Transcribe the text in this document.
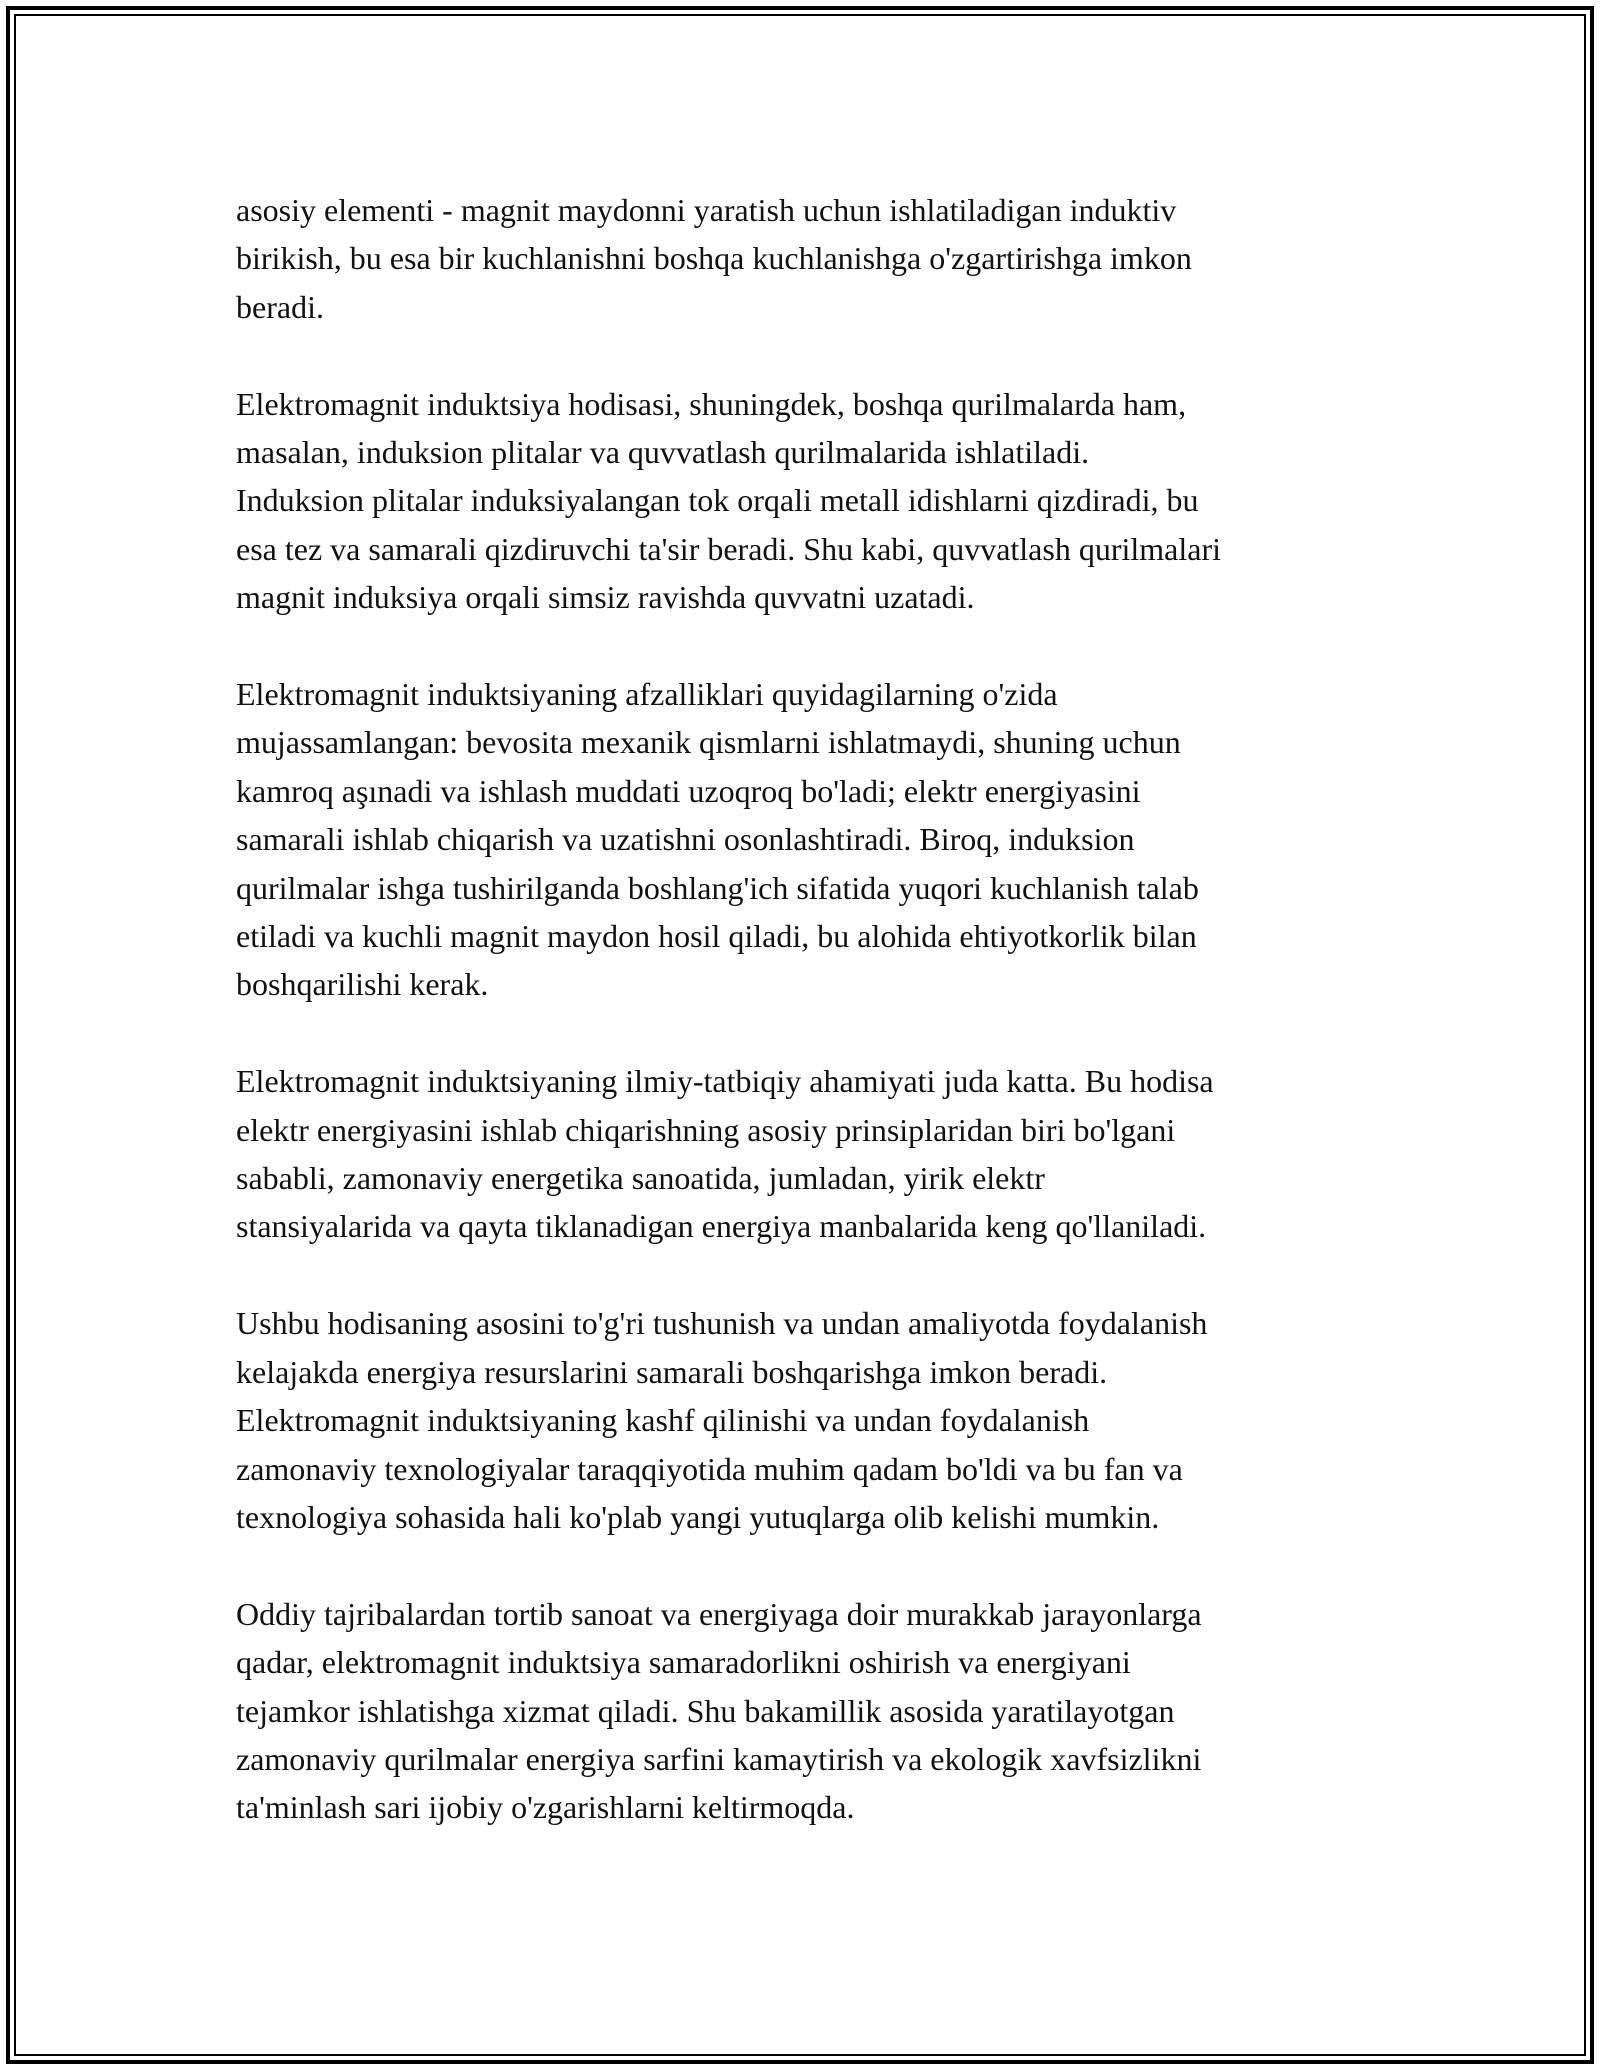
asosiy elementi - magnit maydonni yaratish uchun ishlatiladigan induktiv
birikish, bu esa bir kuchlanishni boshqa kuchlanishga o'zgartirishga imkon
beradi.

Elektromagnit induktsiya hodisasi, shuningdek, boshqa qurilmalarda ham,
masalan, induksion plitalar va quvvatlash qurilmalarida ishlatiladi.
Induksion plitalar induksiyalangan tok orqali metall idishlarni qizdiradi, bu
esa tez va samarali qizdiruvchi ta'sir beradi. Shu kabi, quvvatlash qurilmalari
magnit induksiya orqali simsiz ravishda quvvatni uzatadi.

Elektromagnit induktsiyaning afzalliklari quyidagilarning o'zida
mujassamlangan: bevosita mexanik qismlarni ishlatmaydi, shuning uchun
kamroq aşınadi va ishlash muddati uzoqroq bo'ladi; elektr energiyasini
samarali ishlab chiqarish va uzatishni osonlashtiradi. Biroq, induksion
qurilmalar ishga tushirilganda boshlang'ich sifatida yuqori kuchlanish talab
etiladi va kuchli magnit maydon hosil qiladi, bu alohida ehtiyotkorlik bilan
boshqarilishi kerak.

Elektromagnit induktsiyaning ilmiy-tatbiqiy ahamiyati juda katta. Bu hodisa
elektr energiyasini ishlab chiqarishning asosiy prinsiplaridan biri bo'lgani
sababli, zamonaviy energetika sanoatida, jumladan, yirik elektr
stansiyalarida va qayta tiklanadigan energiya manbalarida keng qo'llaniladi.

Ushbu hodisaning asosini to'g'ri tushunish va undan amaliyotda foydalanish
kelajakda energiya resurslarini samarali boshqarishga imkon beradi.
Elektromagnit induktsiyaning kashf qilinishi va undan foydalanish
zamonaviy texnologiyalar taraqqiyotida muhim qadam bo'ldi va bu fan va
texnologiya sohasida hali ko'plab yangi yutuqlarga olib kelishi mumkin.

Oddiy tajribalardan tortib sanoat va energiyaga doir murakkab jarayonlarga
qadar, elektromagnit induktsiya samaradorlikni oshirish va energiyani
tejamkor ishlatishga xizmat qiladi. Shu bakamillik asosida yaratilayotgan
zamonaviy qurilmalar energiya sarfini kamaytirish va ekologik xavfsizlikni
ta'minlash sari ijobiy o'zgarishlarni keltirmoqda.
